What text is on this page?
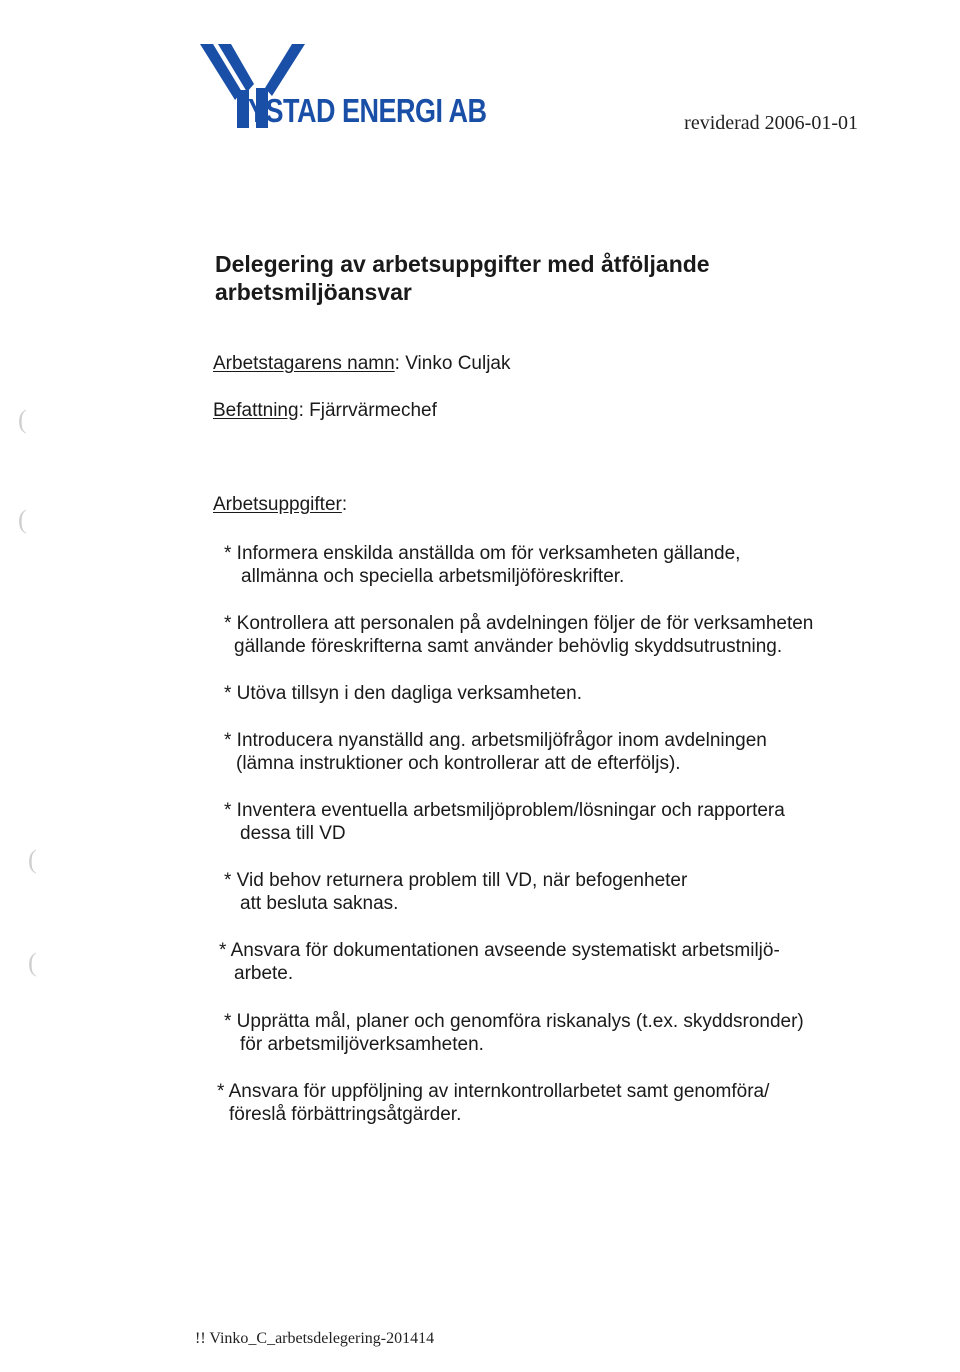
YSTAD ENERGI AB	reviderad 2006-01-01
Delegering av arbetsuppgifter med åtföljande
arbetsmiljöansvar
Arbetstagarens namn: Vinko Culjak
Befattning: Fjärrvärmechef
Arbetsuppgifter:
* Informera enskilda anställda om för verksamheten gällande,
allmänna och speciella arbetsmiljöföreskrifter.
* Kontrollera att personalen på avdelningen följer de för verksamheten
gällande föreskrifterna samt använder behövlig skyddsutrustning.
* Utöva tillsyn i den dagliga verksamheten.
* Introducera nyanställd ang. arbetsmiljöfrågor inom avdelningen
(lämna instruktioner och kontrollerar att de efterföljs).
* Inventera eventuella arbetsmiljöproblem/lösningar och rapportera
dessa till VD
* Vid behov returnera problem till VD, när befogenheter
att besluta saknas.
* Ansvara för dokumentationen avseende systematiskt arbetsmiljö-
arbete.
* Upprätta mål, planer och genomföra riskanalys (t.ex. skyddsronder)
för arbetsmiljöverksamheten.
* Ansvara för uppföljning av internkontrollarbetet samt genomföra/
föreslå förbättringsåtgärder.
(
(
(
(
!! Vinko_C_arbetsdelegering-201414
